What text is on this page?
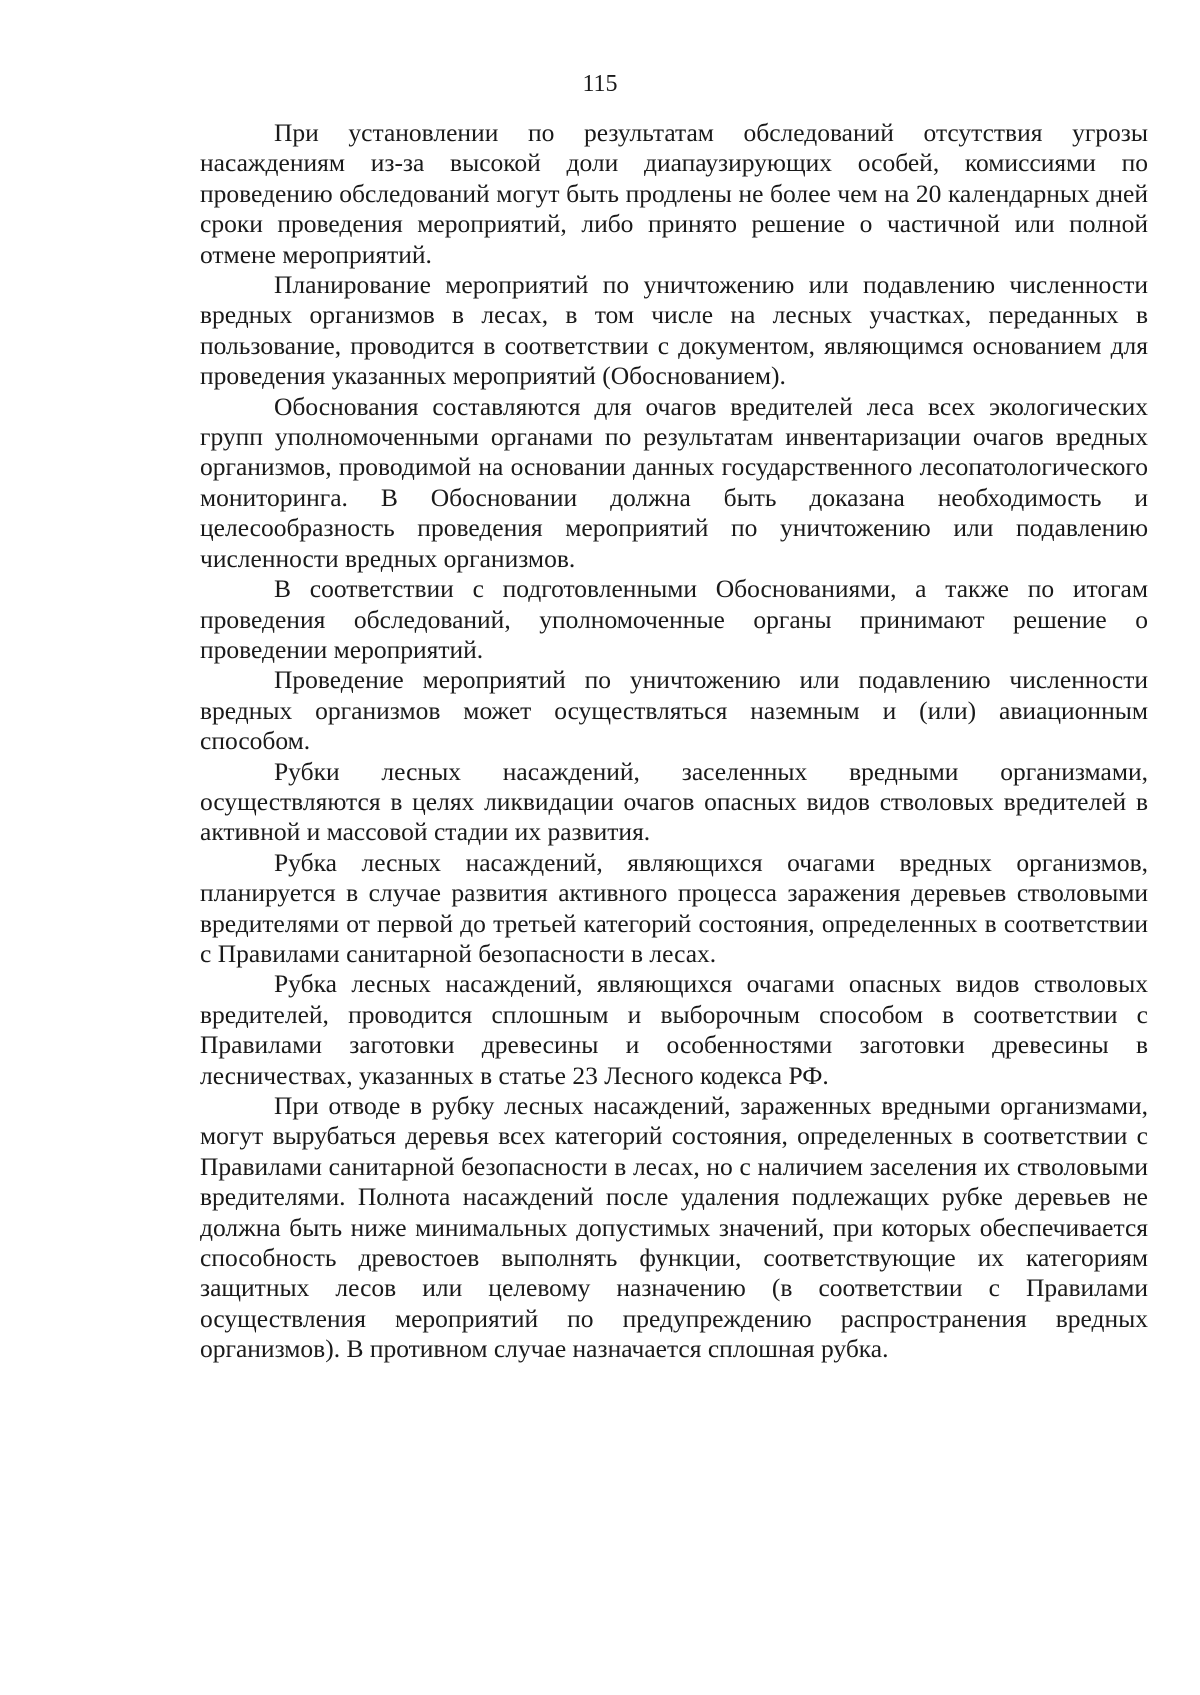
115

При установлении по результатам обследований отсутствия угрозы насаждениям из-за высокой доли диапаузирующих особей, комиссиями по проведению обследований могут быть продлены не более чем на 20 календарных дней сроки проведения мероприятий, либо принято решение о частичной или полной отмене мероприятий.

Планирование мероприятий по уничтожению или подавлению численности вредных организмов в лесах, в том числе на лесных участках, переданных в пользование, проводится в соответствии с документом, являющимся основанием для проведения указанных мероприятий (Обоснованием).

Обоснования составляются для очагов вредителей леса всех экологических групп уполномоченными органами по результатам инвентаризации очагов вредных организмов, проводимой на основании данных государственного лесопатологического мониторинга. В Обосновании должна быть доказана необходимость и целесообразность проведения мероприятий по уничтожению или подавлению численности вредных организмов.

В соответствии с подготовленными Обоснованиями, а также по итогам проведения обследований, уполномоченные органы принимают решение о проведении мероприятий.

Проведение мероприятий по уничтожению или подавлению численности вредных организмов может осуществляться наземным и (или) авиационным способом.

Рубки лесных насаждений, заселенных вредными организмами, осуществляются в целях ликвидации очагов опасных видов стволовых вредителей в активной и массовой стадии их развития.

Рубка лесных насаждений, являющихся очагами вредных организмов, планируется в случае развития активного процесса заражения деревьев стволовыми вредителями от первой до третьей категорий состояния, определенных в соответствии с Правилами санитарной безопасности в лесах.

Рубка лесных насаждений, являющихся очагами опасных видов стволовых вредителей, проводится сплошным и выборочным способом в соответствии с Правилами заготовки древесины и особенностями заготовки древесины в лесничествах, указанных в статье 23 Лесного кодекса РФ.

При отводе в рубку лесных насаждений, зараженных вредными организмами, могут вырубаться деревья всех категорий состояния, определенных в соответствии с Правилами санитарной безопасности в лесах, но с наличием заселения их стволовыми вредителями. Полнота насаждений после удаления подлежащих рубке деревьев не должна быть ниже минимальных допустимых значений, при которых обеспечивается способность древостоев выполнять функции, соответствующие их категориям защитных лесов или целевому назначению (в соответствии с Правилами осуществления мероприятий по предупреждению распространения вредных организмов). В противном случае назначается сплошная рубка.
